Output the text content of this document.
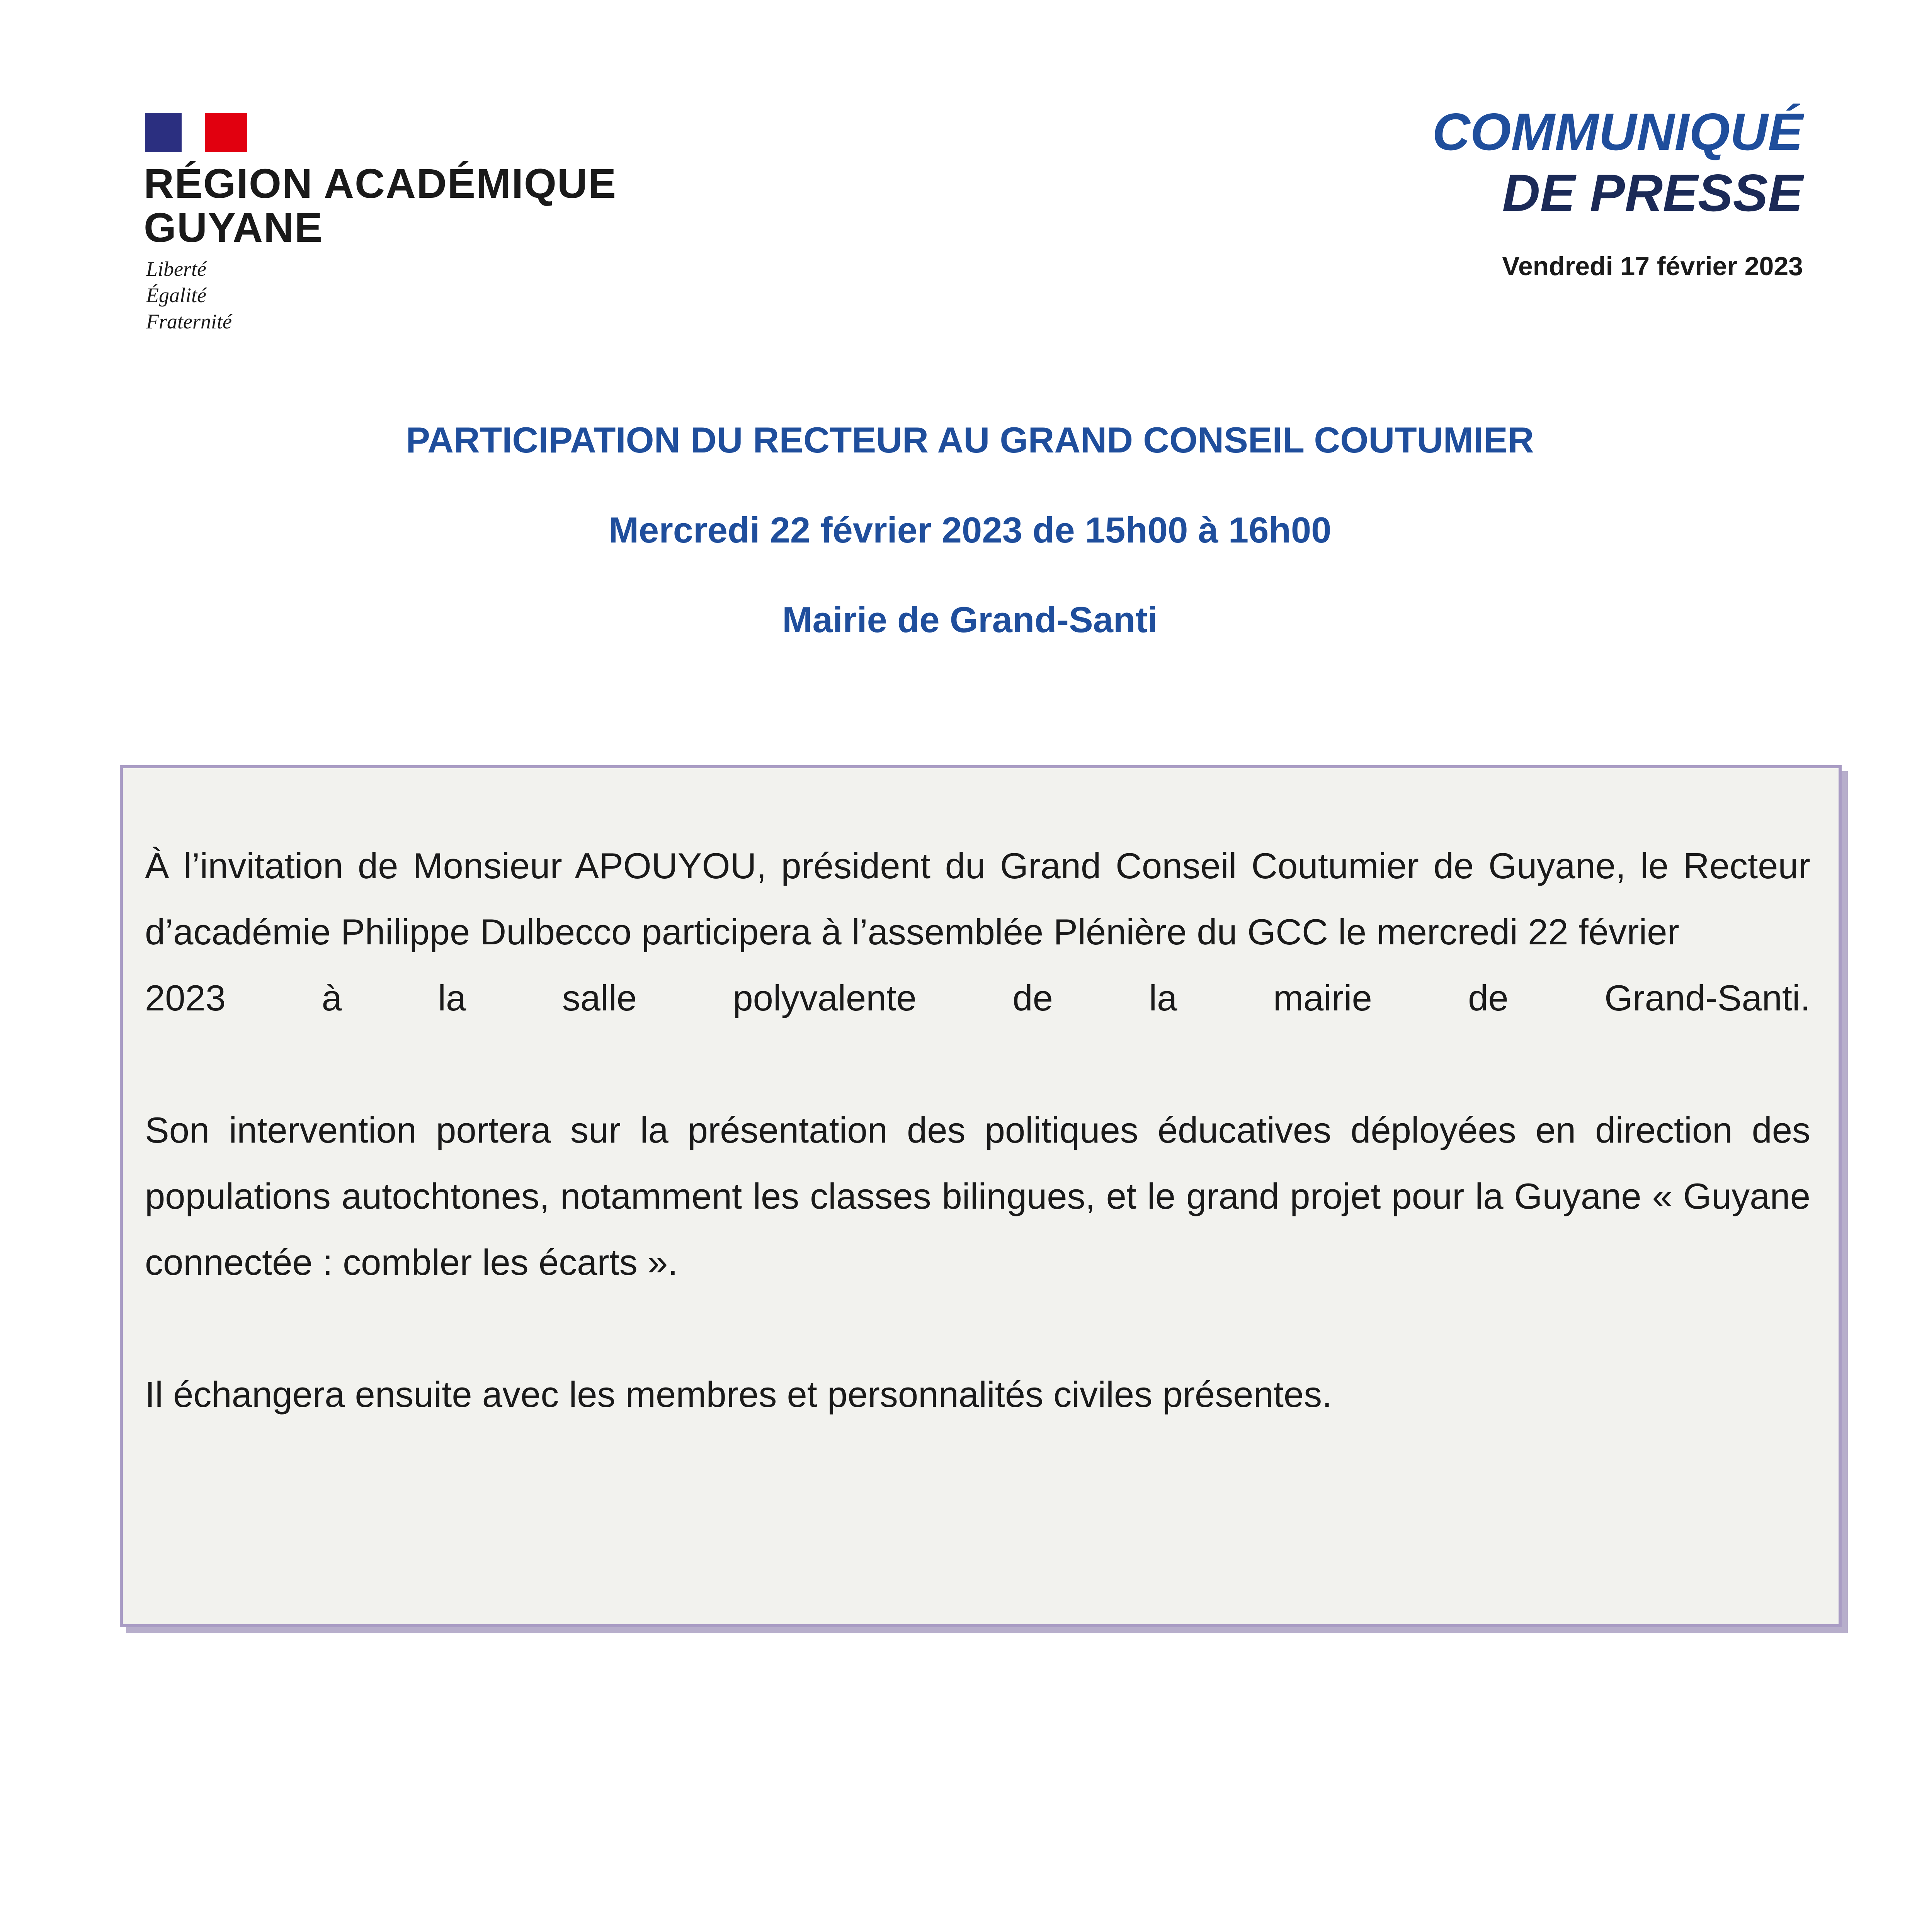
RÉGION ACADÉMIQUE
GUYANE
Liberté
Égalité
Fraternité
COMMUNIQUÉ
DE PRESSE
Vendredi 17 février 2023
PARTICIPATION DU RECTEUR AU GRAND CONSEIL COUTUMIER
Mercredi 22 février 2023 de 15h00 à 16h00
Mairie de Grand-Santi

À l’invitation de Monsieur APOUYOU, président du Grand Conseil Coutumier de Guyane, le Recteur d’académie Philippe Dulbecco participera à l’assemblée Plénière du GCC le mercredi 22 février
2023 à la salle polyvalente de la mairie de Grand-Santi.

Son intervention portera sur la présentation des politiques éducatives déployées en direction des populations autochtones, notamment les classes bilingues, et le grand projet pour la Guyane « Guyane connectée : combler les écarts ».

Il échangera ensuite avec les membres et personnalités civiles présentes.
